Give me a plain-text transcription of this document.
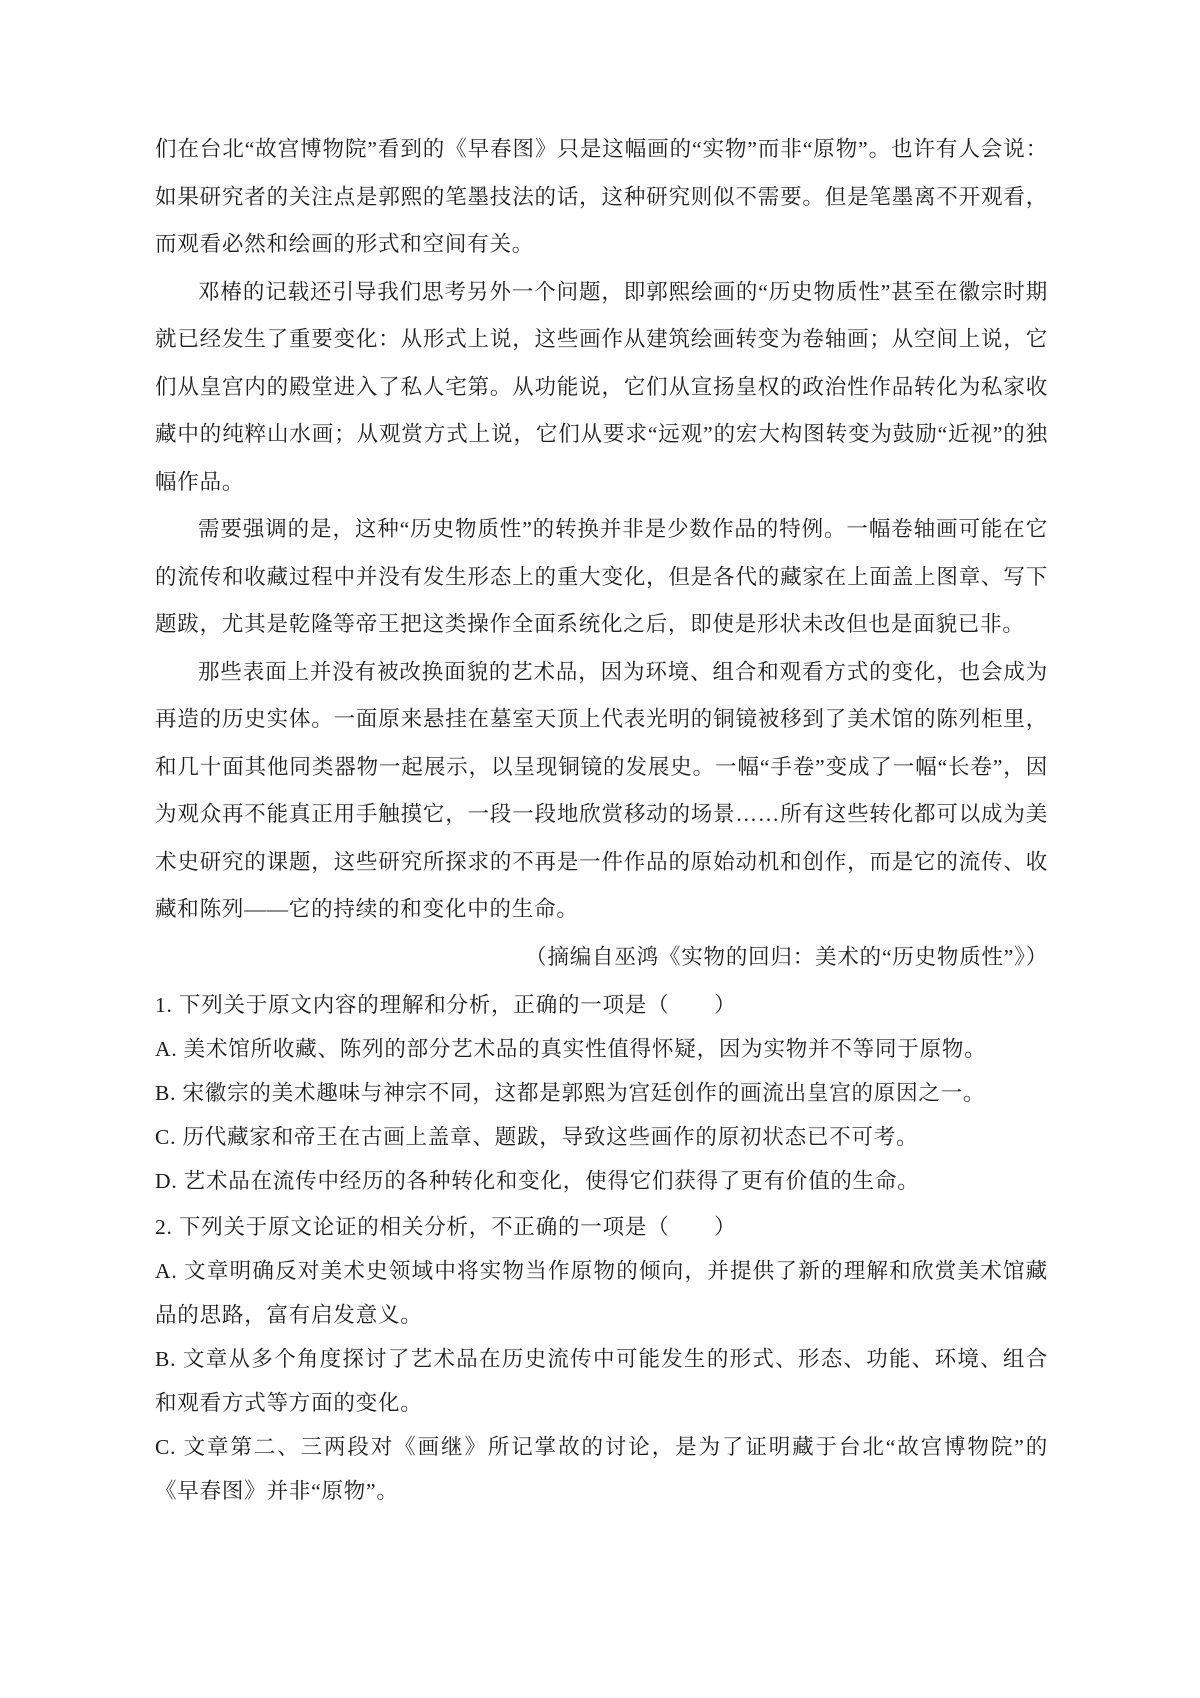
们在台北“故宫博物院”看到的《早春图》只是这幅画的“实物”而非“原物”。也许有人会说：如果研究者的关注点是郭熙的笔墨技法的话，这种研究则似不需要。但是笔墨离不开观看，而观看必然和绘画的形式和空间有关。

邓椿的记载还引导我们思考另外一个问题，即郭熙绘画的“历史物质性”甚至在徽宗时期就已经发生了重要变化：从形式上说，这些画作从建筑绘画转变为卷轴画；从空间上说，它们从皇宫内的殿堂进入了私人宅第。从功能说，它们从宣扬皇权的政治性作品转化为私家收藏中的纯粹山水画；从观赏方式上说，它们从要求“远观”的宏大构图转变为鼓励“近视”的独幅作品。

需要强调的是，这种“历史物质性”的转换并非是少数作品的特例。一幅卷轴画可能在它的流传和收藏过程中并没有发生形态上的重大变化，但是各代的藏家在上面盖上图章、写下题跋，尤其是乾隆等帝王把这类操作全面系统化之后，即使是形状未改但也是面貌已非。

那些表面上并没有被改换面貌的艺术品，因为环境、组合和观看方式的变化，也会成为再造的历史实体。一面原来悬挂在墓室天顶上代表光明的铜镜被移到了美术馆的陈列柜里，和几十面其他同类器物一起展示，以呈现铜镜的发展史。一幅“手卷”变成了一幅“长卷”，因为观众再不能真正用手触摸它，一段一段地欣赏移动的场景……所有这些转化都可以成为美术史研究的课题，这些研究所探求的不再是一件作品的原始动机和创作，而是它的流传、收藏和陈列——它的持续的和变化中的生命。

（摘编自巫鸿《实物的回归：美术的“历史物质性”》）

1. 下列关于原文内容的理解和分析，正确的一项是（　　）

A. 美术馆所收藏、陈列的部分艺术品的真实性值得怀疑，因为实物并不等同于原物。

B. 宋徽宗的美术趣味与神宗不同，这都是郭熙为宫廷创作的画流出皇宫的原因之一。

C. 历代藏家和帝王在古画上盖章、题跋，导致这些画作的原初状态已不可考。

D. 艺术品在流传中经历的各种转化和变化，使得它们获得了更有价值的生命。

2. 下列关于原文论证的相关分析，不正确的一项是（　　）

A. 文章明确反对美术史领域中将实物当作原物的倾向，并提供了新的理解和欣赏美术馆藏品的思路，富有启发意义。

B. 文章从多个角度探讨了艺术品在历史流传中可能发生的形式、形态、功能、环境、组合和观看方式等方面的变化。

C. 文章第二、三两段对《画继》所记掌故的讨论，是为了证明藏于台北“故宫博物院”的《早春图》并非“原物”。
